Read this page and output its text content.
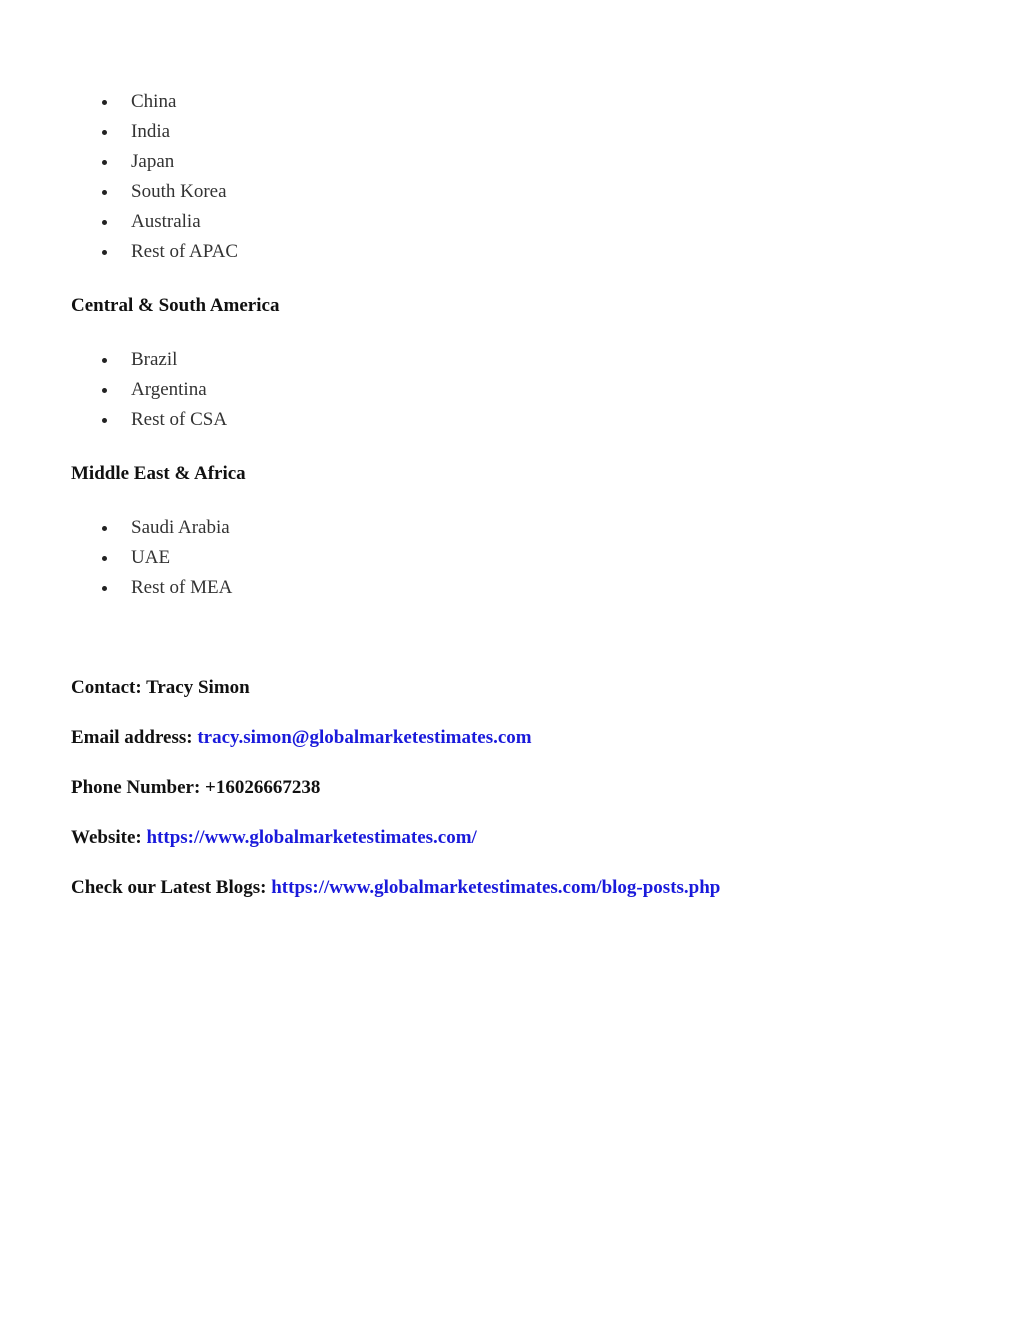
China
India
Japan
South Korea
Australia
Rest of APAC
Central & South America
Brazil
Argentina
Rest of CSA
Middle East & Africa
Saudi Arabia
UAE
Rest of MEA
Contact: Tracy Simon
Email address: tracy.simon@globalmarketestimates.com
Phone Number: +16026667238
Website: https://www.globalmarketestimates.com/
Check our Latest Blogs: https://www.globalmarketestimates.com/blog-posts.php
